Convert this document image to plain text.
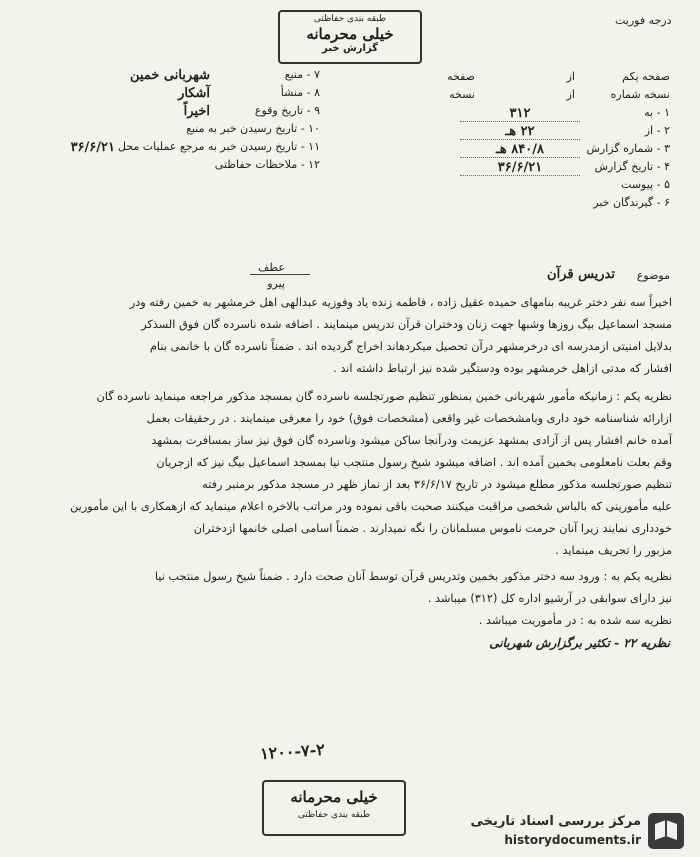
درجه فوریت
طبقه بندی حفاظتی
خیلی محرمانه
گزارش خبر
صفحه یکم
از
صفحه
نسخه شماره
از
نسخه
۱ - به
۳۱۲
۲ - از
۲۲ هـ
۳ - شماره گزارش
۸۴۰/۸ هـ
۴ - تاریخ گزارش
۳۶/۶/۲۱
۵ - پیوست
۶ - گیرندگان خبر
۷ - منبع
شهربانی خمین
۸ - منشأ
آشکار
۹ - تاریخ وقوع
اخیراً
۱۰ - تاریخ رسیدن خبر به منبع
۱۱ - تاریخ رسیدن خبر به مرجع عملیات محل
۳۶/۶/۲۱
۱۲ - ملاحظات حفاظتی
موضوع
تدریس قرآن
عطف
پیرو
اخیراً سه نفر دختر غریبه بنامهای حمیده عقیل زاده ، فاطمه زنده یاد وفوزیه عبدالهی اهل خرمشهر به خمین رفته ودر
مسجد اسماعیل بیگ روزها وشبها جهت زنان ودختران قرآن تدریس مینمایند . اضافه شده ناسرده گان فوق السذکر
بدلایل امنیتی ازمدرسه ای درخرمشهر درآن تحصیل میکردهاند اخراج گردیده اند . ضمناً ناسرده گان با خانمی بنام
افشار که مدتی ازاهل خرمشهر بوده ودستگیر شده نیز ارتباط داشته اند .
نظریه یکم : زمانیکه مأمور شهربانی خمین بمنظور تنظیم صورتجلسه ناسرده گان بمسجد مذکور مراجعه مینماید ناسرده گان
ازارائه شناسنامه خود داری وبامشخصات غیر واقعی (مشخصات فوق) خود را معرفی مینمایند . در رحقیقات بعمل
آمده خانم افشار پس از آزادی بمشهد عزیمت ودرآنجا ساکن میشود وناسرده گان فوق نیز ساز بمسافرت بمشهد
وقم بعلت نامعلومی بخمین آمده اند . اضافه میشود شیخ رسول منتجب نیا بمسجد اسماعیل بیگ نیز که ازجریان
تنظیم صورتجلسه مذکور مطلع میشود در تاریخ ۳۶/۶/۱۷ بعد از نماز ظهر در مسجد مذکور برمنبر رفته
علیه مأمورینی که بالباس شخصی مراقبت میکنند صحبت باقی نموده ودر مراتب بالاخره اعلام مینماید که ازهمکاری با این مأمورین
خودداری نمایند زیرا آنان حرمت ناموس مسلمانان را نگه نمیدارند . ضمناً اسامی اصلی خانمها ازدختران
مزبور را تحریف مینماید .
نظریه یکم به : ورود سه دختر مذکور بخمین وتدریس قرآن توسط آنان صحت دارد . ضمناً شیخ رسول منتجب نیا
نیز دارای سوابقی در آرشیو اداره کل (۳۱۲) میباشد .
نظریه سه شده به : در مأموریت میباشد .
نظریه ۲۲ - تکثیر برگزارش شهربانی
۱۲۰۰-۷-۲
خیلی محرمانه
طبقه بندی حفاظتی	مرکز بررسی اسناد تاریخی
historydocuments.ir
